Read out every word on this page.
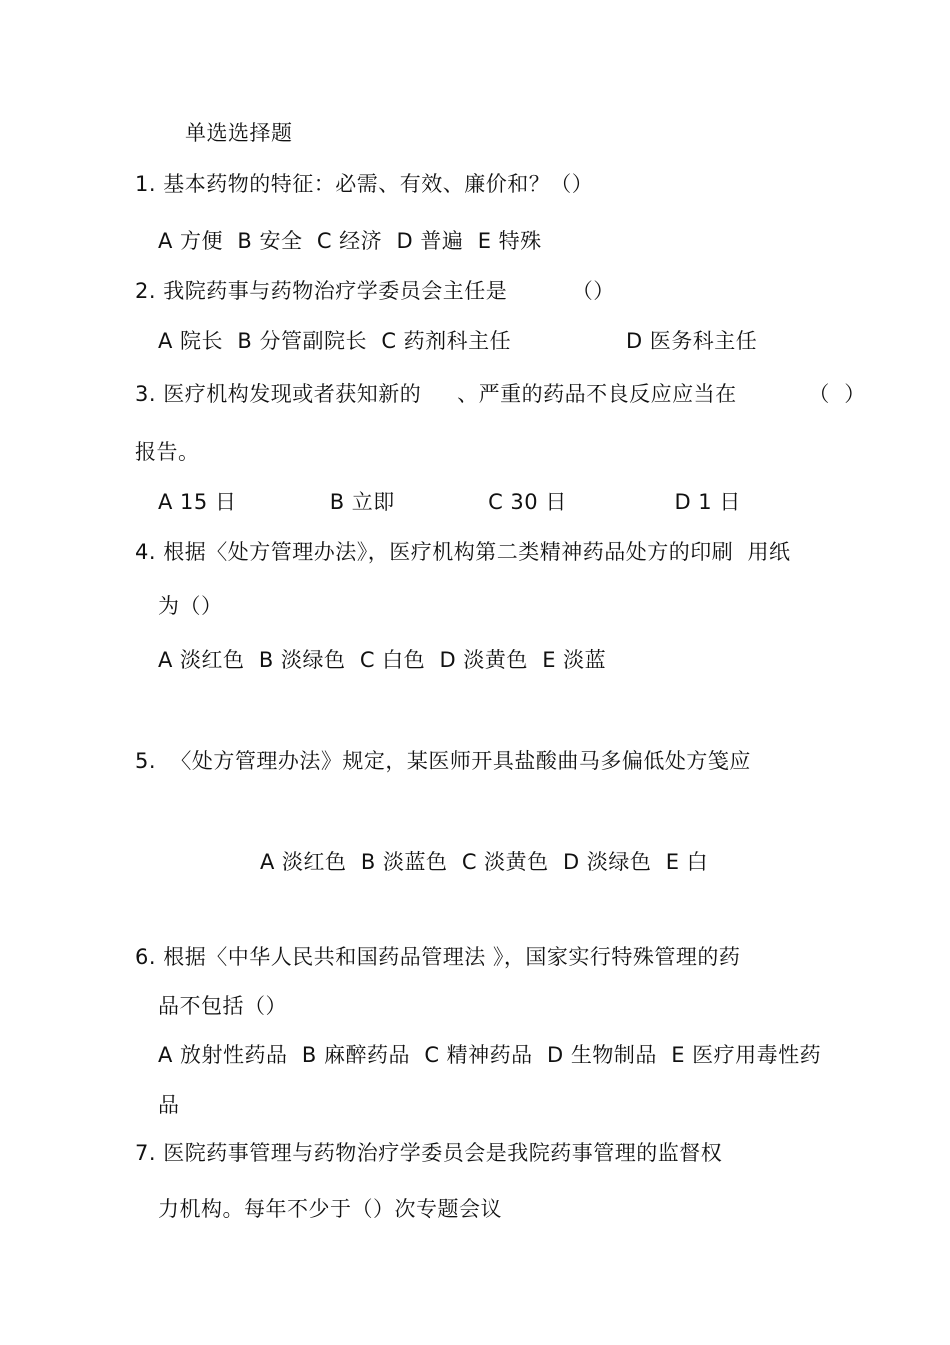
单选选择题
1. 基本药物的特征：必需、有效、廉价和？（）
A 方便  B 安全  C 经济  D 普遍  E 特殊
2. 我院药事与药物治疗学委员会主任是         （）
A 院长  B 分管副院长  C 药剂科主任                D 医务科主任
3. 医疗机构发现或者获知新的     、严重的药品不良反应应当在          （  ）
报告。
A 15 日             B 立即             C 30 日               D 1 日
4. 根据〈处方管理办法》，医疗机构第二类精神药品处方的印刷  用纸
为（）
A 淡红色  B 淡绿色  C 白色  D 淡黄色  E 淡蓝
5.  〈处方管理办法》规定，某医师开具盐酸曲马多偏低处方笺应
A 淡红色  B 淡蓝色  C 淡黄色  D 淡绿色  E 白
6. 根据〈中华人民共和国药品管理法 》，国家实行特殊管理的药
品不包括（）
A 放射性药品  B 麻醉药品  C 精神药品  D 生物制品  E 医疗用毒性药
品
7. 医院药事管理与药物治疗学委员会是我院药事管理的监督权
力机构。每年不少于（）次专题会议
